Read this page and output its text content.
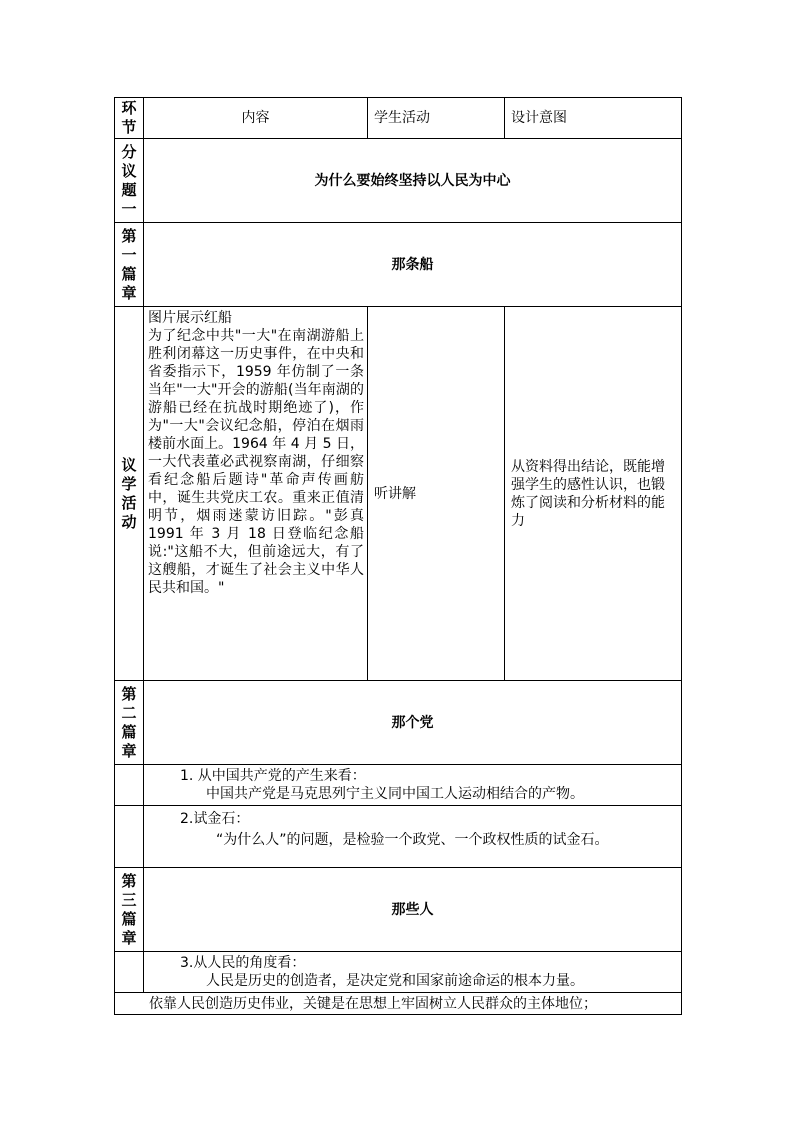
环节	内容	学生活动	设计意图

分议题一	为什么要始终坚持以人民为中心		

第一篇章	那条船		

议学活动	图片展示红船
为了纪念中共"一大"在南湖游船上胜利闭幕这一历史事件，在中央和省委指示下，1959 年仿制了一条当年"一大"开会的游船(当年南湖的游船已经在抗战时期绝迹了)，作为"一大"会议纪念船，停泊在烟雨楼前水面上。1964 年 4 月 5 日，一大代表董必武视察南湖，仔细察看纪念船后题诗"革命声传画舫中，诞生共党庆工农。重来正值清明节，烟雨迷蒙访旧踪。"彭真 1991 年 3 月 18 日登临纪念船说:"这船不大，但前途远大，有了这艘船，才诞生了社会主义中华人民共和国。"	听讲解	从资料得出结论，既能增强学生的感性认识，也锻炼了阅读和分析材料的能力

第二篇章	那个党		

	1. 从中国共产党的产生来看：
中国共产党是马克思列宁主义同中国工人运动相结合的产物。		

	2.试金石：
“为什么人”的问题，是检验一个政党、一个政权性质的试金石。		

第三篇章	那些人		

	3.从人民的角度看：
人民是历史的创造者，是决定党和国家前途命运的根本力量。		

依靠人民创造历史伟业，关键是在思想上牢固树立人民群众的主体地位；			
